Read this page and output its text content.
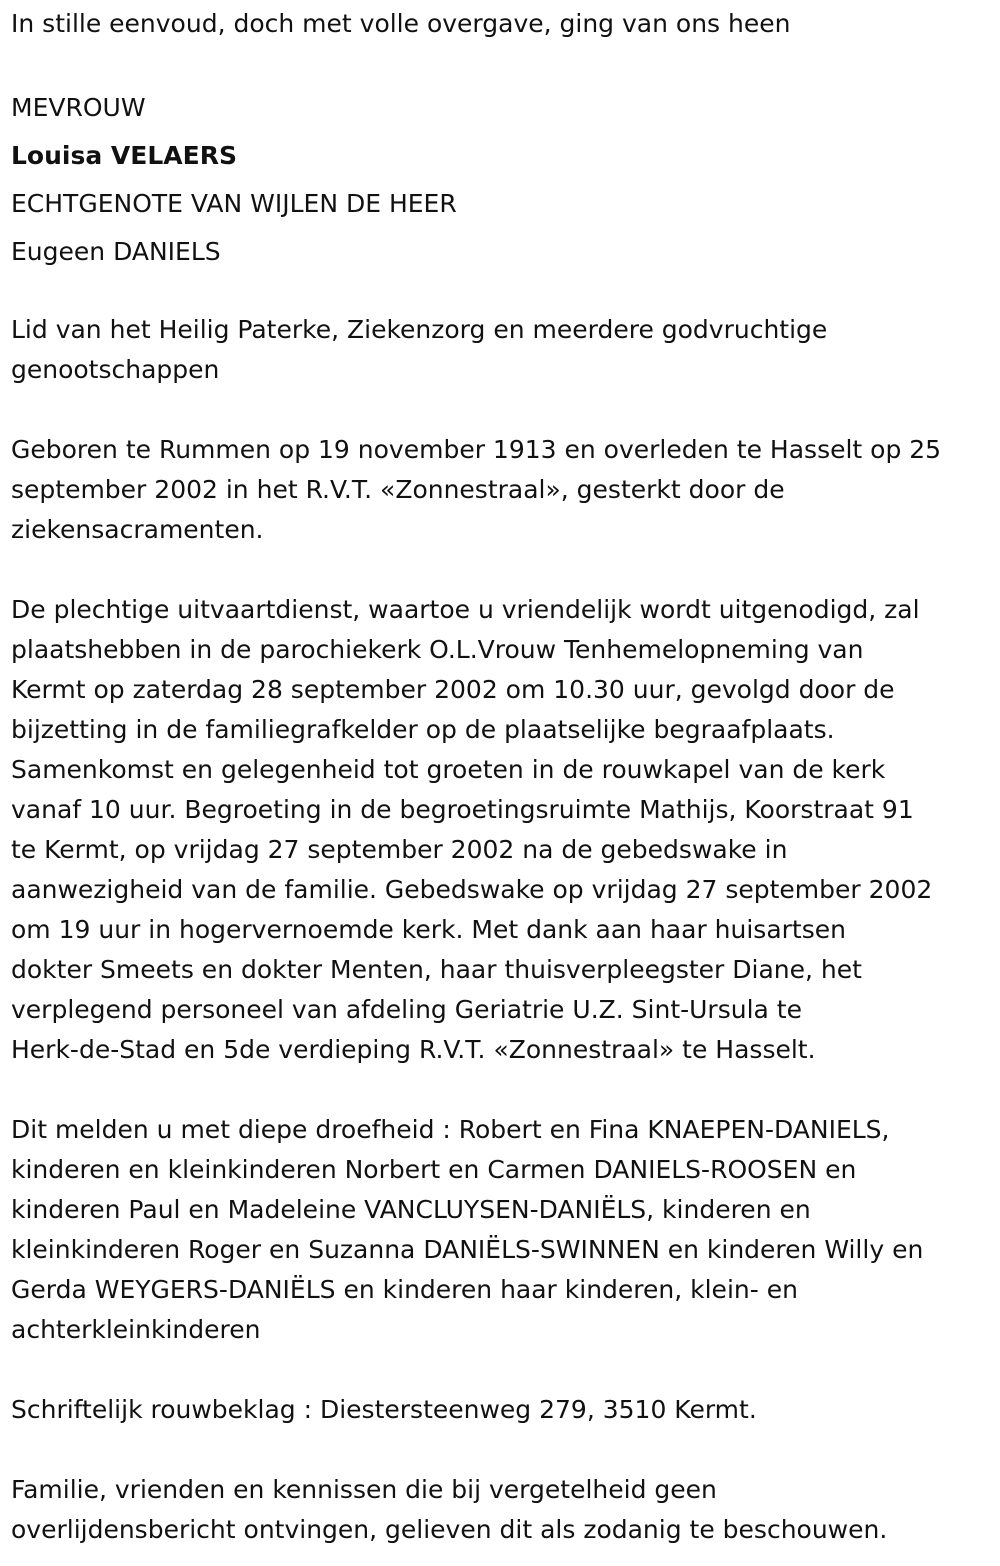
In stille eenvoud, doch met volle overgave, ging van ons heen

MEVROUW

Louisa VELAERS

ECHTGENOTE VAN WIJLEN DE HEER

Eugeen DANIELS

Lid van het Heilig Paterke, Ziekenzorg en meerdere godvruchtige

genootschappen

Geboren te Rummen op 19 november 1913 en overleden te Hasselt op 25

september 2002 in het R.V.T. «Zonnestraal», gesterkt door de

ziekensacramenten.

De plechtige uitvaartdienst, waartoe u vriendelijk wordt uitgenodigd, zal

plaatshebben in de parochiekerk O.L.Vrouw Tenhemelopneming van

Kermt op zaterdag 28 september 2002 om 10.30 uur, gevolgd door de

bijzetting in de familiegrafkelder op de plaatselijke begraafplaats.

Samenkomst en gelegenheid tot groeten in de rouwkapel van de kerk

vanaf 10 uur. Begroeting in de begroetingsruimte Mathijs, Koorstraat 91

te Kermt, op vrijdag 27 september 2002 na de gebedswake in

aanwezigheid van de familie. Gebedswake op vrijdag 27 september 2002

om 19 uur in hogervernoemde kerk. Met dank aan haar huisartsen

dokter Smeets en dokter Menten, haar thuisverpleegster Diane, het

verplegend personeel van afdeling Geriatrie U.Z. Sint-Ursula te

Herk-de-Stad en 5de verdieping R.V.T. «Zonnestraal» te Hasselt.

Dit melden u met diepe droefheid : Robert en Fina KNAEPEN-DANIELS,

kinderen en kleinkinderen Norbert en Carmen DANIELS-ROOSEN en

kinderen Paul en Madeleine VANCLUYSEN-DANIËLS, kinderen en

kleinkinderen Roger en Suzanna DANIËLS-SWINNEN en kinderen Willy en

Gerda WEYGERS-DANIËLS en kinderen haar kinderen, klein- en

achterkleinkinderen

Schriftelijk rouwbeklag : Diestersteenweg 279, 3510 Kermt.

Familie, vrienden en kennissen die bij vergetelheid geen

overlijdensbericht ontvingen, gelieven dit als zodanig te beschouwen.
